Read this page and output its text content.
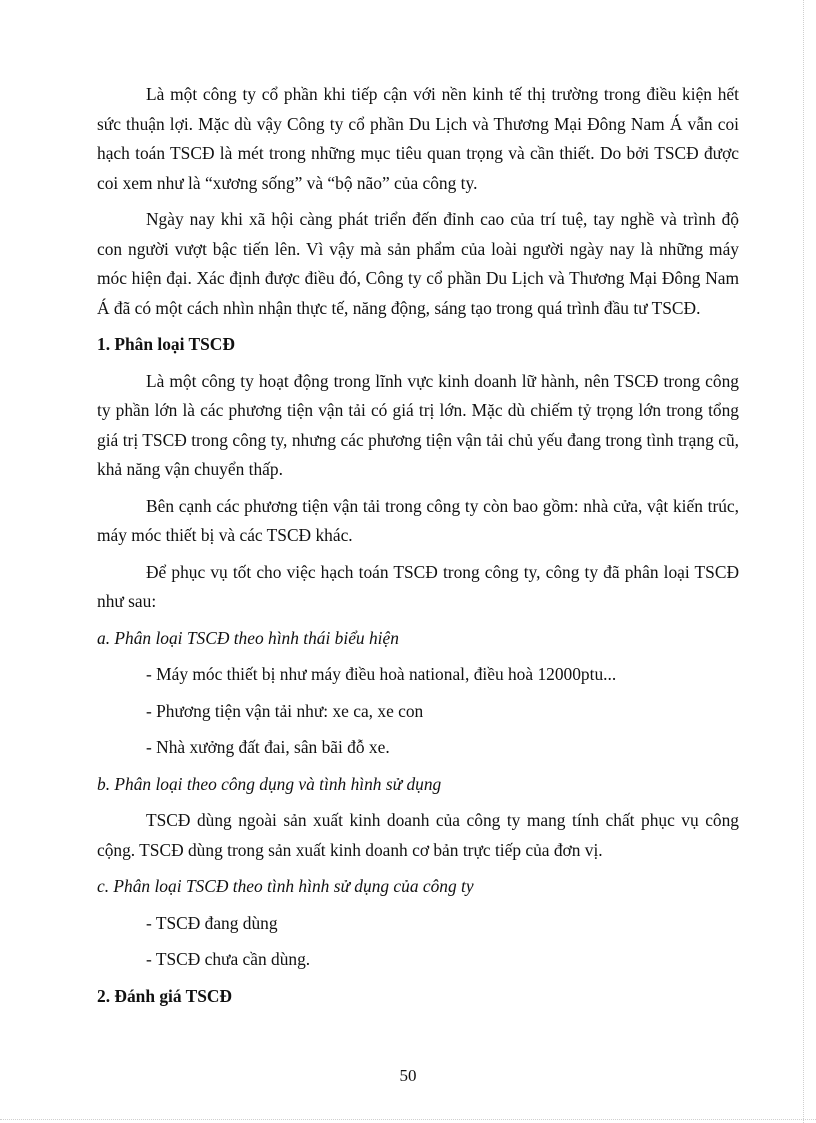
Là một công ty cổ phần khi tiếp cận với nền kinh tế thị trường trong điều kiện hết sức thuận lợi. Mặc dù vậy Công ty cổ phần Du Lịch và Thương Mại Đông Nam Á vẫn coi hạch toán TSCĐ là mét trong những mục tiêu quan trọng và cần thiết. Do bởi TSCĐ được coi xem như là “xương sống” và “bộ não” của công ty.

Ngày nay khi xã hội càng phát triển đến đỉnh cao của trí tuệ, tay nghề và trình độ con người vượt bậc tiến lên. Vì vậy mà sản phẩm của loài người ngày nay là những máy móc hiện đại. Xác định được điều đó, Công ty cổ phần Du Lịch và Thương Mại Đông Nam Á đã có một cách nhìn nhận thực tế, năng động, sáng tạo trong quá trình đầu tư TSCĐ.

1. Phân loại TSCĐ

Là một công ty hoạt động trong lĩnh vực kinh doanh lữ hành, nên TSCĐ trong công ty phần lớn là các phương tiện vận tải có giá trị lớn. Mặc dù chiếm tỷ trọng lớn trong tổng giá trị TSCĐ trong công ty, nhưng các phương tiện vận tải chủ yếu đang trong tình trạng cũ, khả năng vận chuyển thấp.

Bên cạnh các phương tiện vận tải trong công ty còn bao gồm: nhà cửa, vật kiến trúc, máy móc thiết bị và các TSCĐ khác.

Để phục vụ tốt cho việc hạch toán TSCĐ trong công ty, công ty đã phân loại TSCĐ như sau:

a. Phân loại TSCĐ theo hình thái biểu hiện

- Máy móc thiết bị như máy điều hoà national, điều hoà 12000ptu...

- Phương tiện vận tải như: xe ca, xe con

- Nhà xưởng đất đai, sân bãi đỗ xe.

b. Phân loại theo công dụng và tình hình sử dụng

TSCĐ dùng ngoài sản xuất kinh doanh của công ty mang tính chất phục vụ công cộng. TSCĐ dùng trong sản xuất kinh doanh cơ bản trực tiếp của đơn vị.

c. Phân loại TSCĐ theo tình hình sử dụng của công ty

- TSCĐ đang dùng

- TSCĐ chưa cần dùng.

2. Đánh giá TSCĐ

50
